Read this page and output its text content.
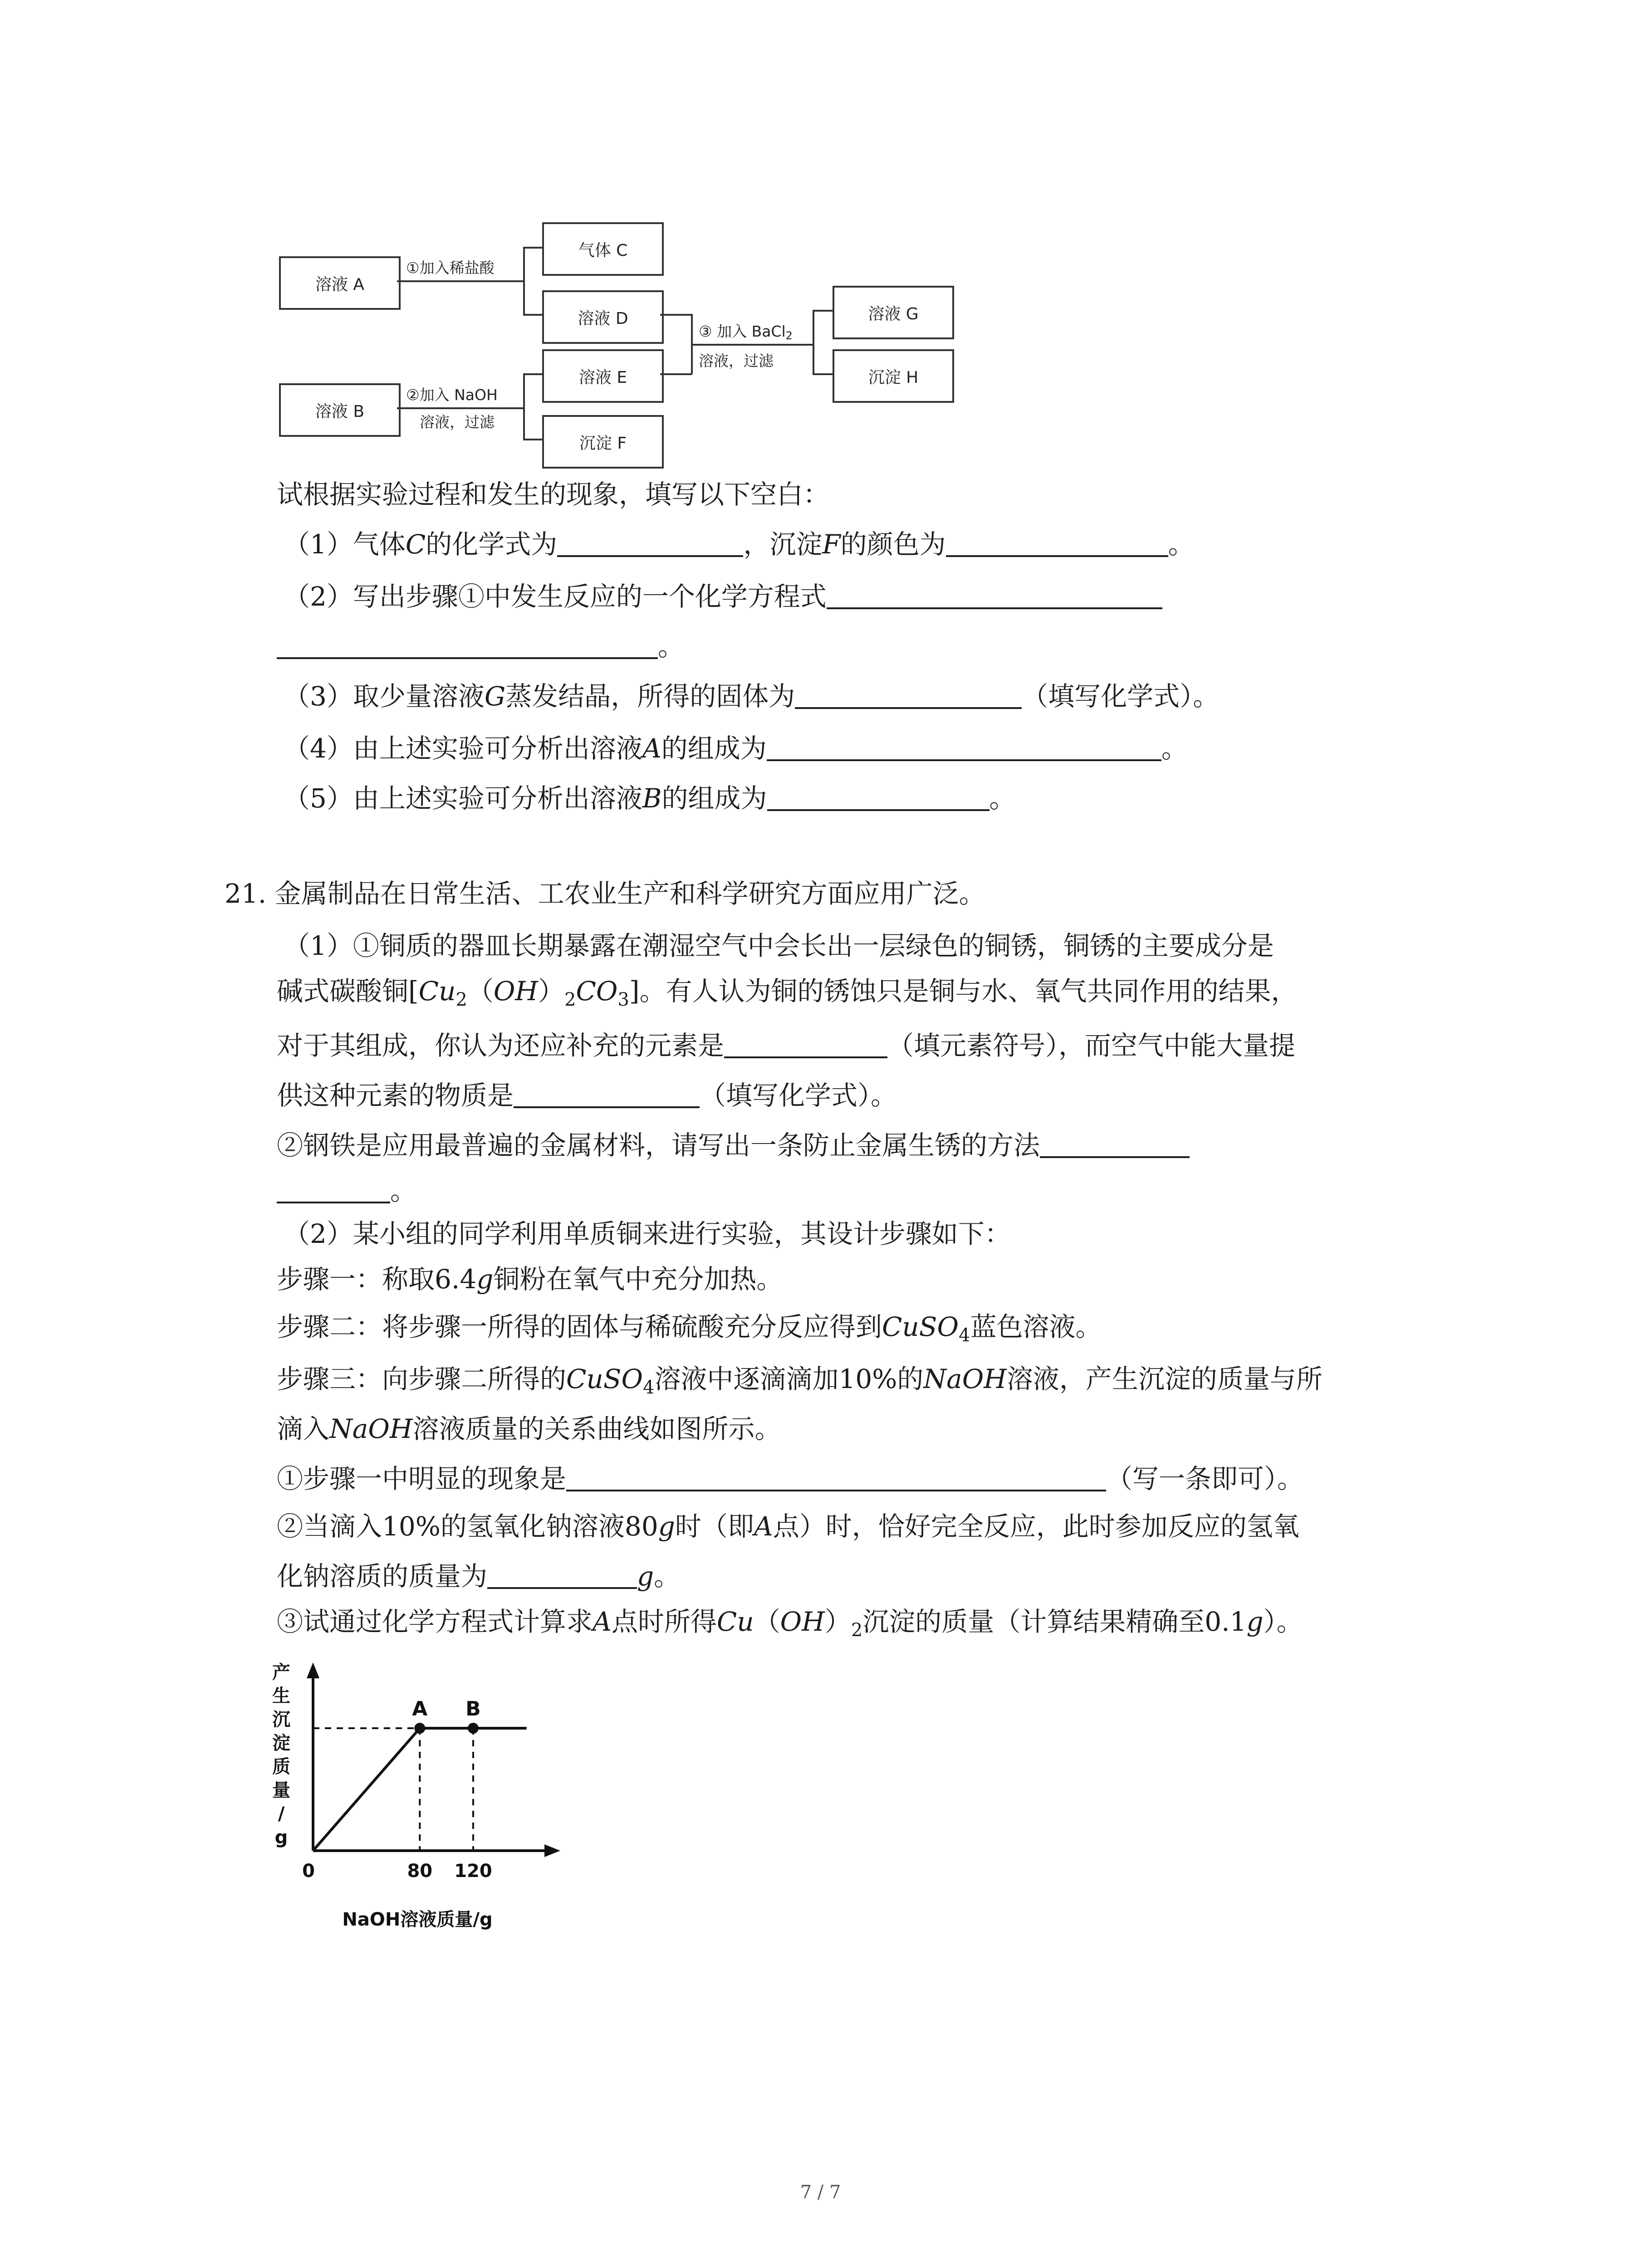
溶液 A
溶液 B
气体 C
溶液 D
溶液 E
沉淀 F
溶液 G
沉淀 H
①加入稀盐酸
②加入 NaOH
溶液，过滤
③ 加入 BaCl$_2$
溶液，过滤
试根据实验过程和发生的现象，填写以下空白：
（1）气体C的化学式为	，沉淀F的颜色为	。
（2）写出步骤①中发生反应的一个化学方程式
。
（3）取少量溶液G蒸发结晶，所得的固体为	（填写化学式）。
（4）由上述实验可分析出溶液A的组成为	。
（5）由上述实验可分析出溶液B的组成为	。
21. 金属制品在日常生活、工农业生产和科学研究方面应用广泛。
（1）①铜质的器皿长期暴露在潮湿空气中会长出一层绿色的铜锈，铜锈的主要成分是
碱式碳酸铜$[Cu_2(OH)_2CO_3]$。有人认为铜的锈蚀只是铜与水、氧气共同作用的结果，
对于其组成，你认为还应补充的元素是	（填元素符号），而空气中能大量提
供这种元素的物质是	（填写化学式）。
②钢铁是应用最普遍的金属材料，请写出一条防止金属生锈的方法
。
（2）某小组的同学利用单质铜来进行实验，其设计步骤如下：
步骤一：称取6.4g铜粉在氧气中充分加热。
步骤二：将步骤一所得的固体与稀硫酸充分反应得到CuSO$_4$蓝色溶液。
步骤三：向步骤二所得的CuSO$_4$溶液中逐滴滴加10%的NaOH溶液，产生沉淀的质量与所
滴入NaOH溶液质量的关系曲线如图所示。
①步骤一中明显的现象是	（写一条即可）。
②当滴入10%的氢氧化钠溶液80g时（即A点）时，恰好完全反应，此时参加反应的氢氧
化钠溶质的质量为	g。
③试通过化学方程式计算求A点时所得$Cu(OH)_2$沉淀的质量（计算结果精确至0.1g）。
产生沉淀质量/ g
A B
0	80 120
NaOH溶液质量/g
7 / 7
